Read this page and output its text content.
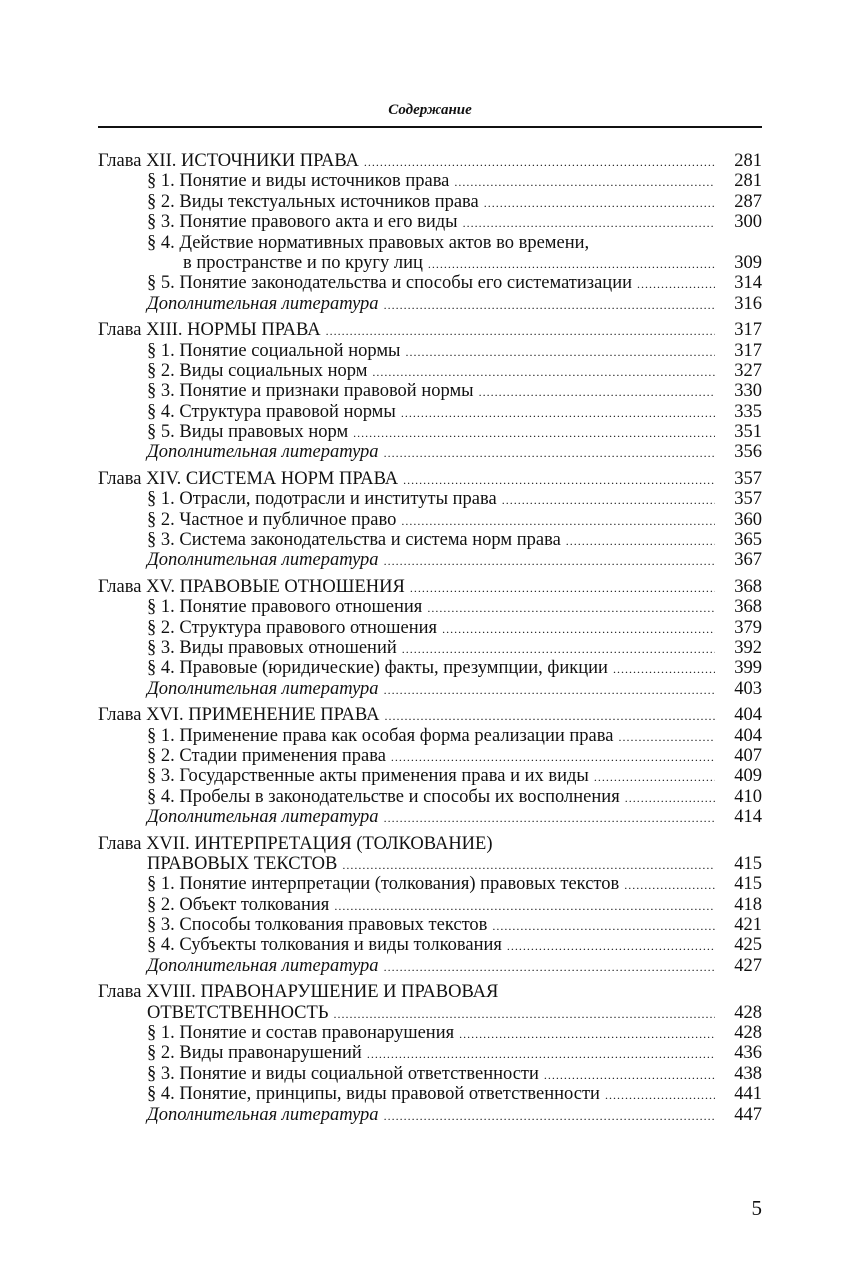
Содержание
Глава XII. ИСТОЧНИКИ ПРАВА .....	281
§ 1. Понятие и виды источников права .....	281
§ 2. Виды текстуальных источников права .....	287
§ 3. Понятие правового акта и его виды .....	300
§ 4. Действие нормативных правовых актов во времени,
в пространстве и по кругу лиц .....	309
§ 5. Понятие законодательства и способы его систематизации .....	314
Дополнительная литература .....	316
Глава XIII. НОРМЫ ПРАВА .....	317
§ 1. Понятие социальной нормы .....	317
§ 2. Виды социальных норм .....	327
§ 3. Понятие и признаки правовой нормы .....	330
§ 4. Структура правовой нормы .....	335
§ 5. Виды правовых норм .....	351
Дополнительная литература .....	356
Глава XIV. СИСТЕМА НОРМ ПРАВА .....	357
§ 1. Отрасли, подотрасли и институты права .....	357
§ 2. Частное и публичное право .....	360
§ 3. Система законодательства и система норм права .....	365
Дополнительная литература .....	367
Глава XV. ПРАВОВЫЕ ОТНОШЕНИЯ .....	368
§ 1. Понятие правового отношения .....	368
§ 2. Структура правового отношения .....	379
§ 3. Виды правовых отношений .....	392
§ 4. Правовые (юридические) факты, презумпции, фикции .....	399
Дополнительная литература .....	403
Глава XVI. ПРИМЕНЕНИЕ ПРАВА .....	404
§ 1. Применение права как особая форма реализации права .....	404
§ 2. Стадии применения права .....	407
§ 3. Государственные акты применения права и их виды .....	409
§ 4. Пробелы в законодательстве и способы их восполнения .....	410
Дополнительная литература .....	414
Глава XVII. ИНТЕРПРЕТАЦИЯ (ТОЛКОВАНИЕ)
ПРАВОВЫХ ТЕКСТОВ .....	415
§ 1. Понятие интерпретации (толкования) правовых текстов .....	415
§ 2. Объект толкования .....	418
§ 3. Способы толкования правовых текстов .....	421
§ 4. Субъекты толкования и виды толкования .....	425
Дополнительная литература .....	427
Глава XVIII. ПРАВОНАРУШЕНИЕ И ПРАВОВАЯ
ОТВЕТСТВЕННОСТЬ .....	428
§ 1. Понятие и состав правонарушения .....	428
§ 2. Виды правонарушений .....	436
§ 3. Понятие и виды социальной ответственности .....	438
§ 4. Понятие, принципы, виды правовой ответственности .....	441
Дополнительная литература .....	447
5
